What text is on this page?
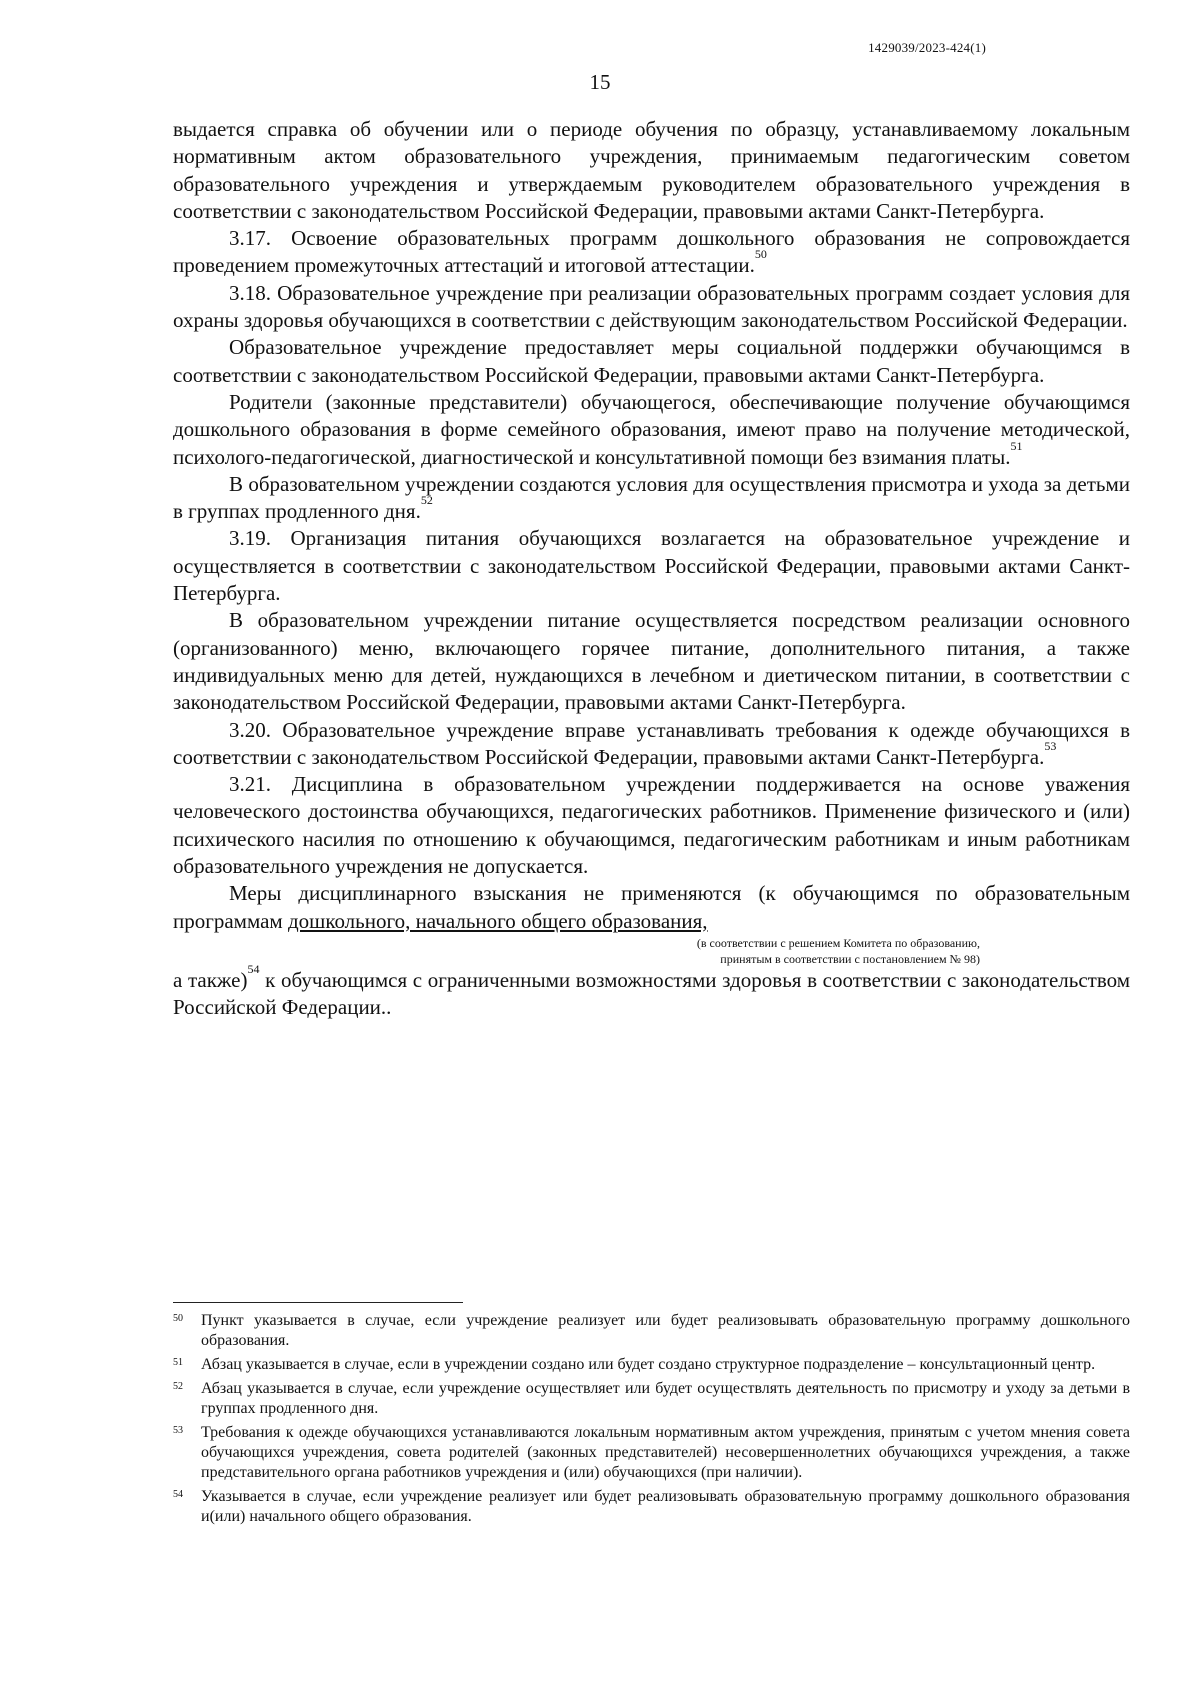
1429039/2023-424(1)
15

выдается справка об обучении или о периоде обучения по образцу, устанавливаемому локальным нормативным актом образовательного учреждения, принимаемым педагогическим советом образовательного учреждения и утверждаемым руководителем образовательного учреждения в соответствии с законодательством Российской Федерации, правовыми актами Санкт-Петербурга.

3.17. Освоение образовательных программ дошкольного образования не сопровождается проведением промежуточных аттестаций и итоговой аттестации.$^{50}$

3.18. Образовательное учреждение при реализации образовательных программ создает условия для охраны здоровья обучающихся в соответствии с действующим законодательством Российской Федерации.

Образовательное учреждение предоставляет меры социальной поддержки обучающимся в соответствии с законодательством Российской Федерации, правовыми актами Санкт-Петербурга.

Родители (законные представители) обучающегося, обеспечивающие получение обучающимся дошкольного образования в форме семейного образования, имеют право на получение методической, психолого-педагогической, диагностической и консультативной помощи без взимания платы.$^{51}$

В образовательном учреждении создаются условия для осуществления присмотра и ухода за детьми в группах продленного дня.$^{52}$

3.19. Организация питания обучающихся возлагается на образовательное учреждение и осуществляется в соответствии с законодательством Российской Федерации, правовыми актами Санкт-Петербурга.

В образовательном учреждении питание осуществляется посредством реализации основного (организованного) меню, включающего горячее питание, дополнительного питания, а также индивидуальных меню для детей, нуждающихся в лечебном и диетическом питании, в соответствии с законодательством Российской Федерации, правовыми актами Санкт-Петербурга.

3.20. Образовательное учреждение вправе устанавливать требования к одежде обучающихся в соответствии с законодательством Российской Федерации, правовыми актами Санкт-Петербурга.$^{53}$

3.21. Дисциплина в образовательном учреждении поддерживается на основе уважения человеческого достоинства обучающихся, педагогических работников. Применение физического и (или) психического насилия по отношению к обучающимся, педагогическим работникам и иным работникам образовательного учреждения не допускается.

Меры дисциплинарного взыскания не применяются (к обучающимся по образовательным программам дошкольного, начального общего образования,

(в соответствии с решением Комитета по образованию,
принятым в соответствии с постановлением № 98)

а также)$^{54}$ к обучающимся с ограниченными возможностями здоровья в соответствии с законодательством Российской Федерации..

50 Пункт указывается в случае, если учреждение реализует или будет реализовывать образовательную программу дошкольного образования.

51 Абзац указывается в случае, если в учреждении создано или будет создано структурное подразделение – консультационный центр.

52 Абзац указывается в случае, если учреждение осуществляет или будет осуществлять деятельность по присмотру и уходу за детьми в группах продленного дня.

53 Требования к одежде обучающихся устанавливаются локальным нормативным актом учреждения, принятым с учетом мнения совета обучающихся учреждения, совета родителей (законных представителей) несовершеннолетних обучающихся учреждения, а также представительного органа работников учреждения и (или) обучающихся (при наличии).

54 Указывается в случае, если учреждение реализует или будет реализовывать образовательную программу дошкольного образования и(или) начального общего образования.
